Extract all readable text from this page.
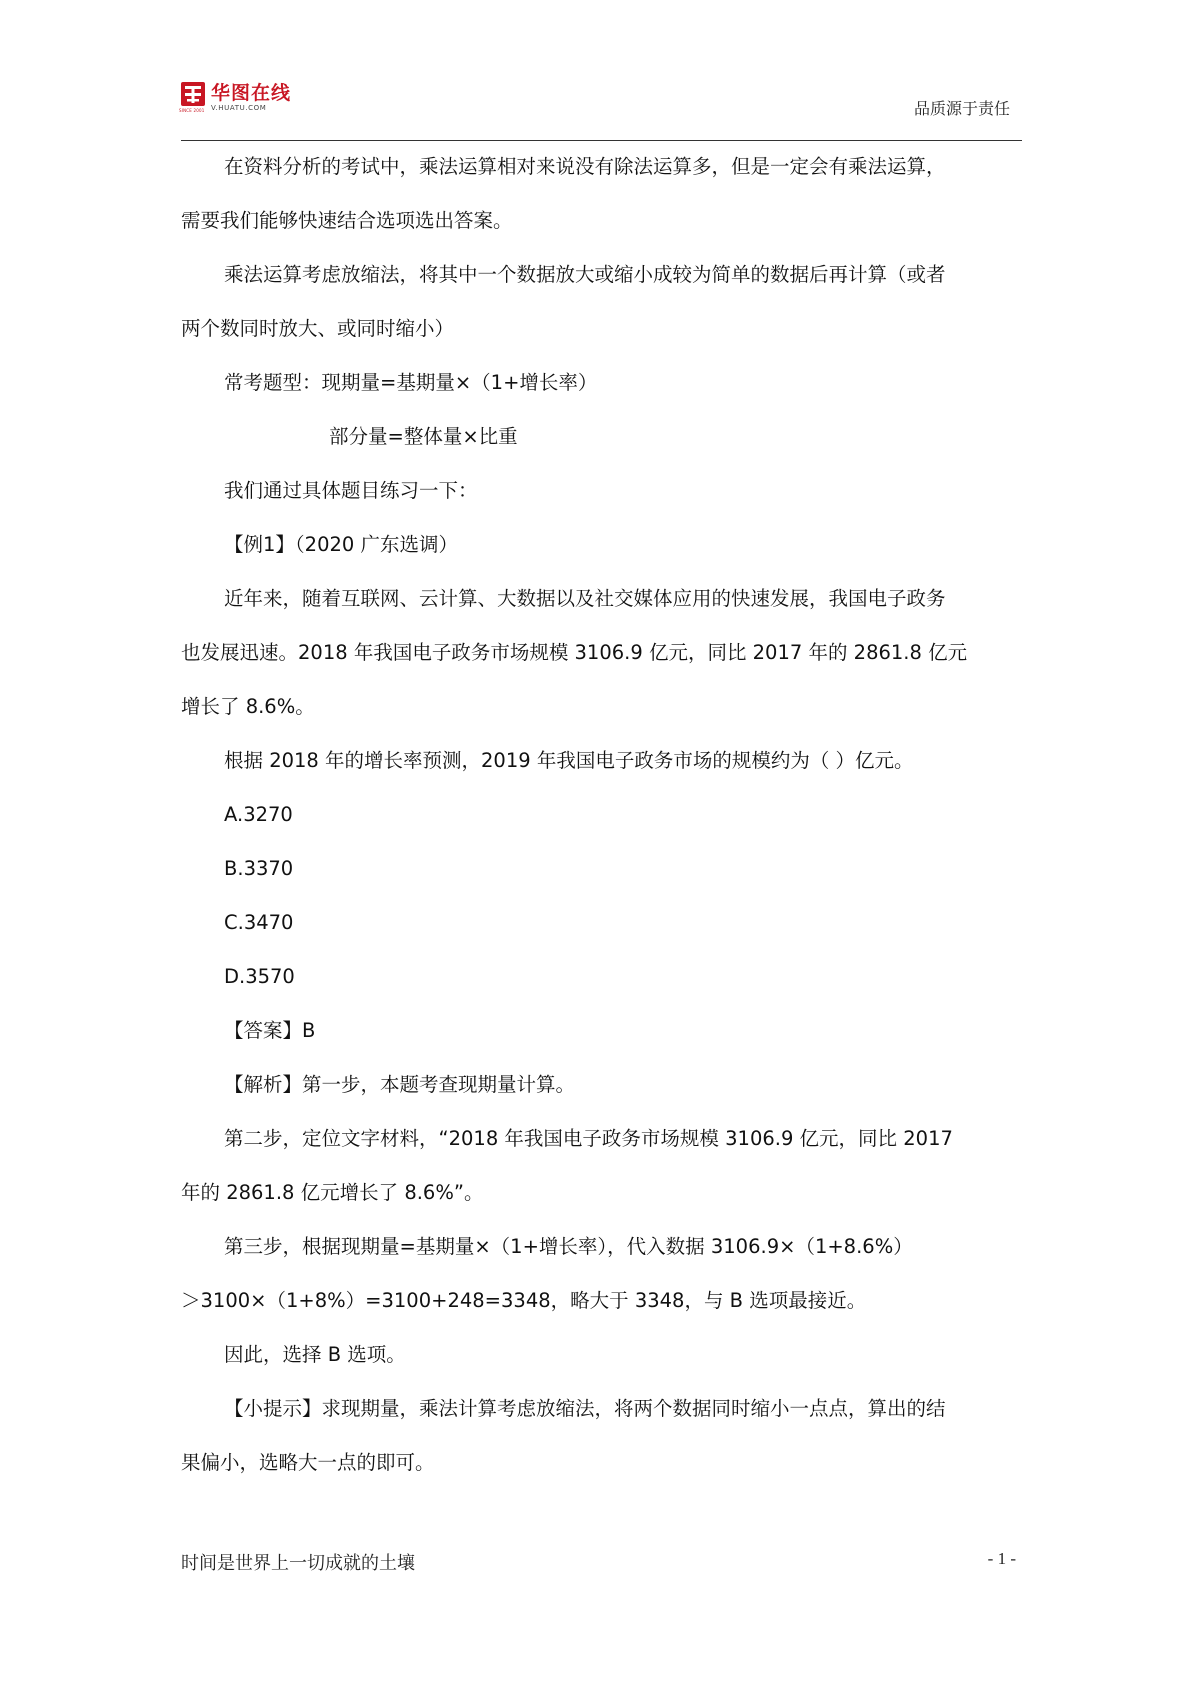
SINCE 2001
华图在线
V.HUATU.COM	品质源于责任

在资料分析的考试中，乘法运算相对来说没有除法运算多，但是一定会有乘法运算，

需要我们能够快速结合选项选出答案。

乘法运算考虑放缩法，将其中一个数据放大或缩小成较为简单的数据后再计算（或者

两个数同时放大、或同时缩小）

常考题型：现期量=基期量×（1+增长率）

部分量=整体量×比重

我们通过具体题目练习一下：

【例1】（2020 广东选调）

近年来，随着互联网、云计算、大数据以及社交媒体应用的快速发展，我国电子政务

也发展迅速。2018 年我国电子政务市场规模 3106.9 亿元，同比 2017 年的 2861.8 亿元

增长了 8.6%。

根据 2018 年的增长率预测，2019 年我国电子政务市场的规模约为（ ）亿元。

A.3270

B.3370

C.3470

D.3570

【答案】B

【解析】第一步，本题考查现期量计算。

第二步，定位文字材料，“2018 年我国电子政务市场规模 3106.9 亿元，同比 2017

年的 2861.8 亿元增长了 8.6%”。

第三步，根据现期量=基期量×（1+增长率），代入数据 3106.9×（1+8.6%）

＞3100×（1+8%）=3100+248=3348，略大于 3348，与 B 选项最接近。

因此，选择 B 选项。

【小提示】求现期量，乘法计算考虑放缩法，将两个数据同时缩小一点点，算出的结

果偏小，选略大一点的即可。

时间是世界上一切成就的土壤	- 1 -
